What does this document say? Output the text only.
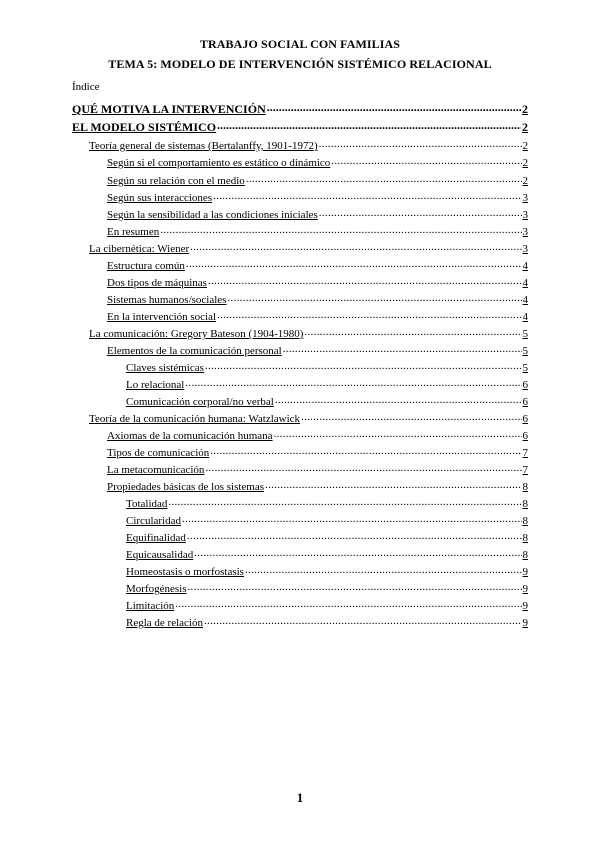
TRABAJO SOCIAL CON FAMILIAS
TEMA 5: MODELO DE INTERVENCIÓN SISTÉMICO RELACIONAL
Índice
QUÉ MOTIVA LA INTERVENCIÓN .....	2
EL MODELO SISTÉMICO .....	2
Teoría general de sistemas (Bertalanffy, 1901-1972) .....	2
Según si el comportamiento es estático o dinámico .....	2
Según su relación con el medio .....	2
Según sus interacciones .....	3
Según la sensibilidad a las condiciones iniciales .....	3
En resumen .....	3
La cibernética: Wiener .....	3
Estructura común .....	4
Dos tipos de máquinas .....	4
Sistemas humanos/sociales .....	4
En la intervención social .....	4
La comunicación: Gregory Bateson (1904-1980) .....	5
Elementos de la comunicación personal .....	5
Claves sistémicas .....	5
Lo relacional .....	6
Comunicación corporal/no verbal .....	6
Teoría de la comunicación humana: Watzlawick .....	6
Axiomas de la comunicación humana .....	6
Tipos de comunicación .....	7
La metacomunicación .....	7
Propiedades básicas de los sistemas .....	8
Totalidad .....	8
Circularidad .....	8
Equifinalidad .....	8
Equicausalidad .....	8
Homeostasis o morfostasis .....	9
Morfogénesis .....	9
Limitación .....	9
Regla de relación .....	9
1
